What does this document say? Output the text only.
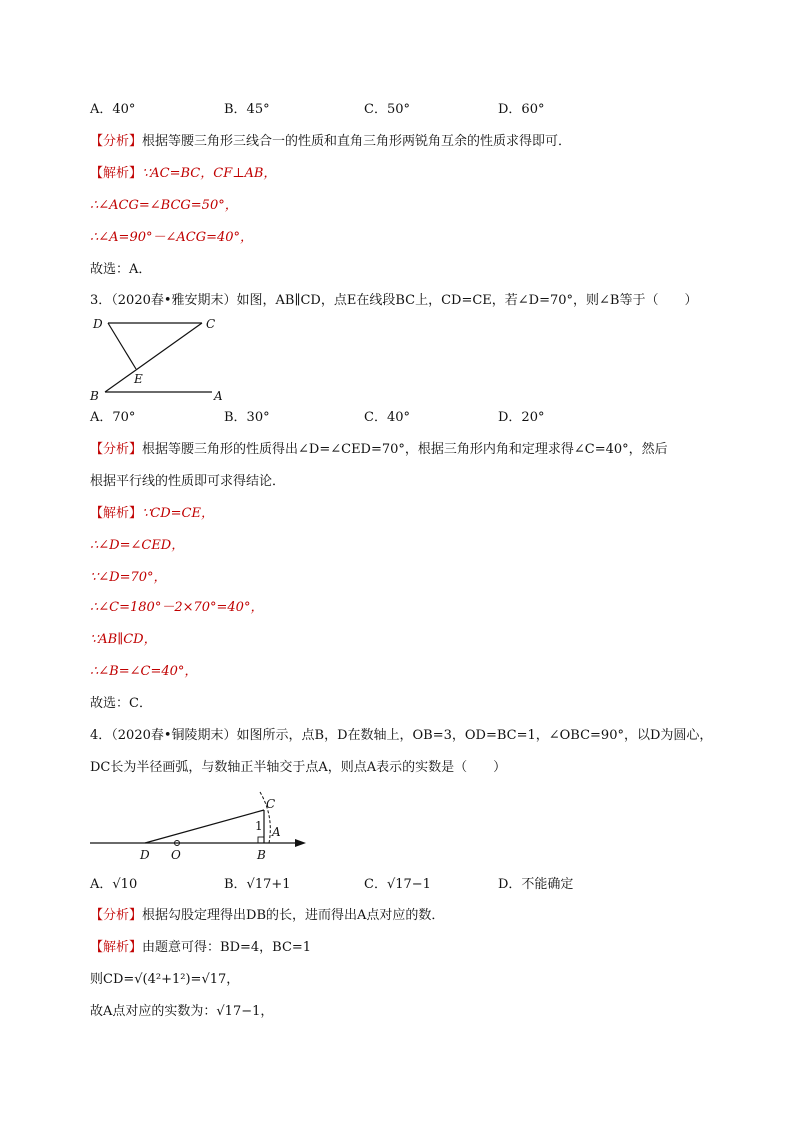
A．40°	B．45°	C．50°	D．60°
【分析】根据等腰三角形三线合一的性质和直角三角形两锐角互余的性质求得即可．
【解析】∵AC=BC，CF⊥AB，
∴∠ACG=∠BCG=50°，
∴∠A=90°－∠ACG=40°，
故选：A．
3．（2020春•雅安期末）如图，AB∥CD，点E在线段BC上，CD=CE，若∠D=70°，则∠B等于（　　）
D	C
E
B	A
A．70°	B．30°	C．40°	D．20°
【分析】根据等腰三角形的性质得出∠D=∠CED=70°，根据三角形内角和定理求得∠C=40°，然后
根据平行线的性质即可求得结论．
【解析】∵CD=CE，
∴∠D=∠CED，
∵∠D=70°，
∴∠C=180°－2×70°=40°，
∵AB∥CD，
∴∠B=∠C=40°，
故选：C．
4．（2020春•铜陵期末）如图所示，点B，D在数轴上，OB=3，OD=BC=1，∠OBC=90°，以D为圆心，
DC长为半径画弧，与数轴正半轴交于点A，则点A表示的实数是（　　）
C
1 A
D O	B
A．√10	B．√17+1	C．√17−1	D．不能确定
【分析】根据勾股定理得出DB的长，进而得出A点对应的数．
【解析】由题意可得：BD=4，BC=1
则CD=√(4²+1²)=√17，
故A点对应的实数为：√17−1，
